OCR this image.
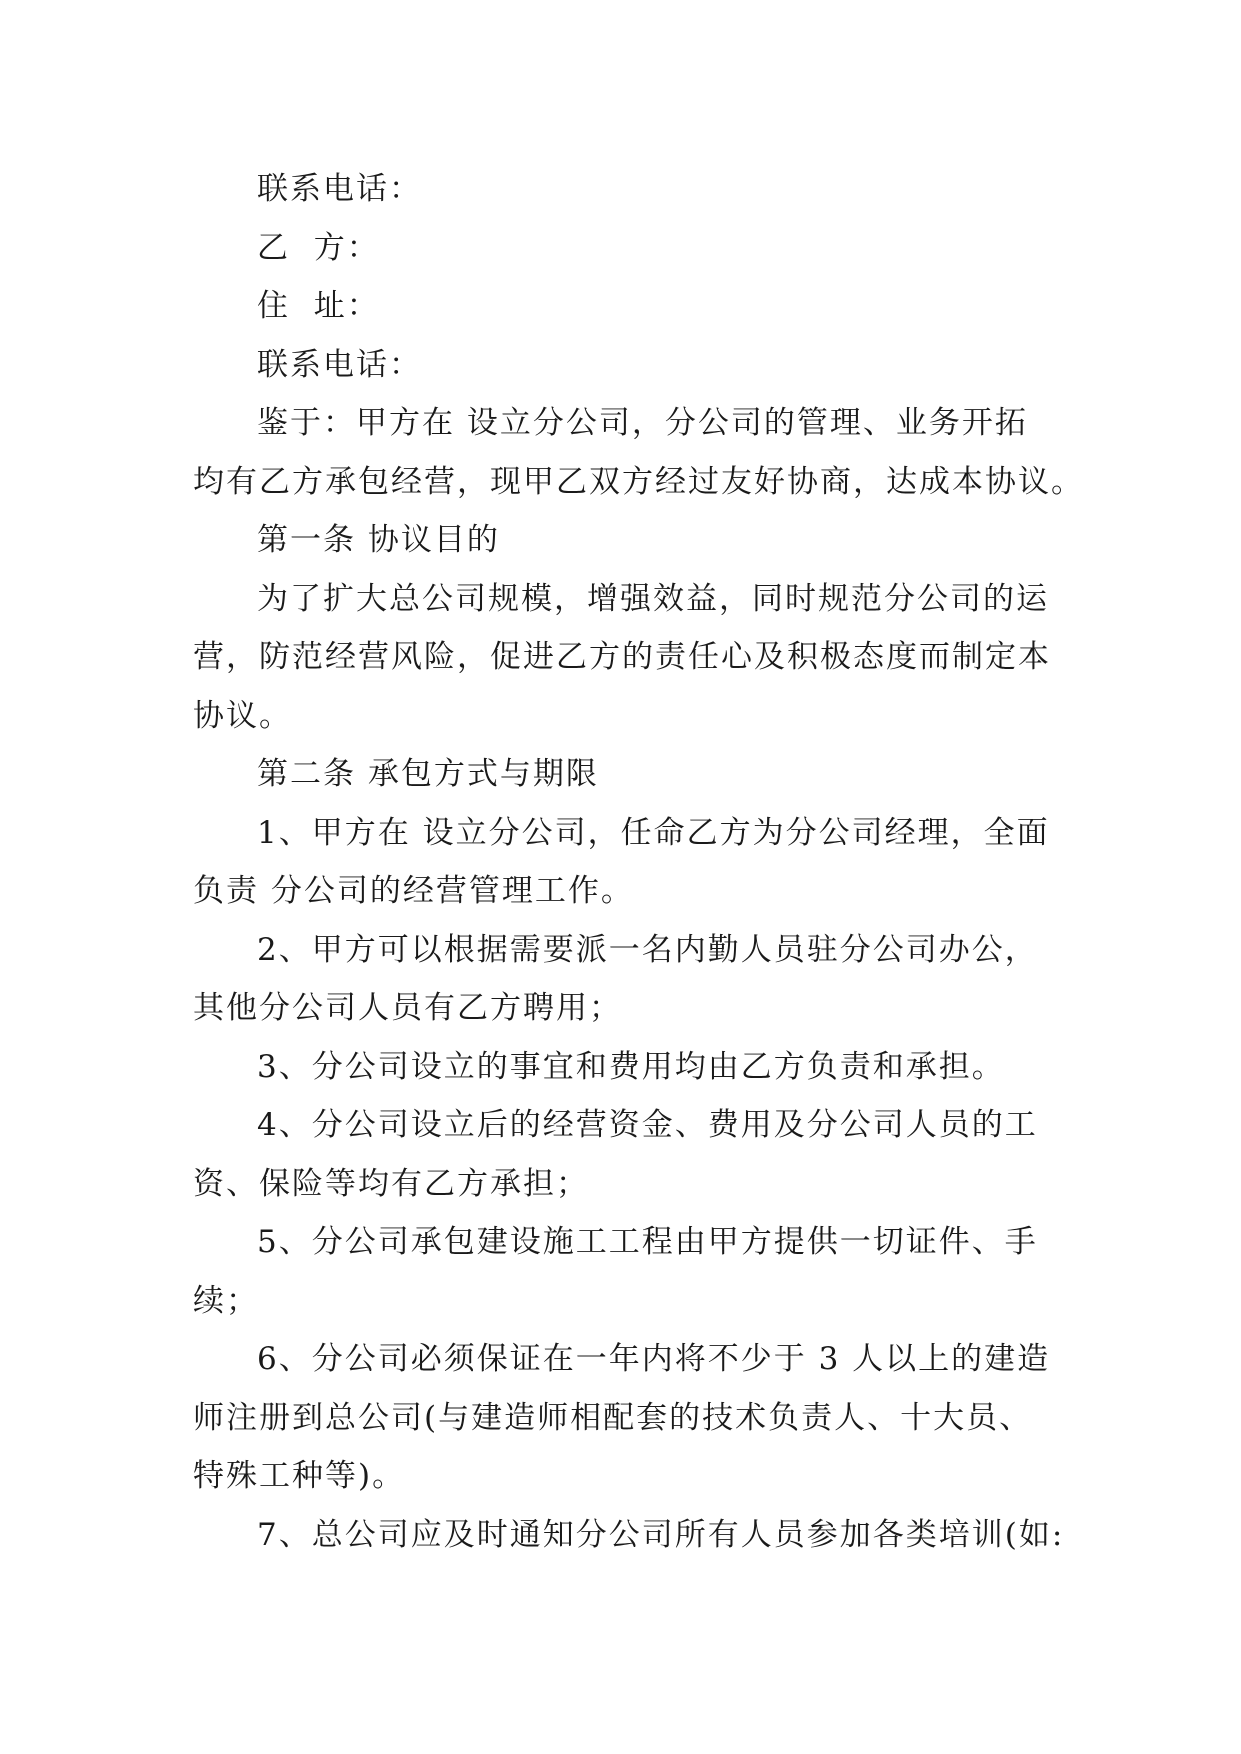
联系电话：
乙  方：
住  址：
联系电话：
鉴于：甲方在 设立分公司，分公司的管理、业务开拓
均有乙方承包经营，现甲乙双方经过友好协商，达成本协议。
第一条 协议目的
为了扩大总公司规模，增强效益，同时规范分公司的运
营，防范经营风险，促进乙方的责任心及积极态度而制定本
协议。
第二条 承包方式与期限
1、甲方在 设立分公司，任命乙方为分公司经理，全面
负责 分公司的经营管理工作。
2、甲方可以根据需要派一名内勤人员驻分公司办公，
其他分公司人员有乙方聘用；
3、分公司设立的事宜和费用均由乙方负责和承担。
4、分公司设立后的经营资金、费用及分公司人员的工
资、保险等均有乙方承担；
5、分公司承包建设施工工程由甲方提供一切证件、手
续；
6、分公司必须保证在一年内将不少于 3 人以上的建造
师注册到总公司(与建造师相配套的技术负责人、十大员、
特殊工种等)。
7、总公司应及时通知分公司所有人员参加各类培训(如:
